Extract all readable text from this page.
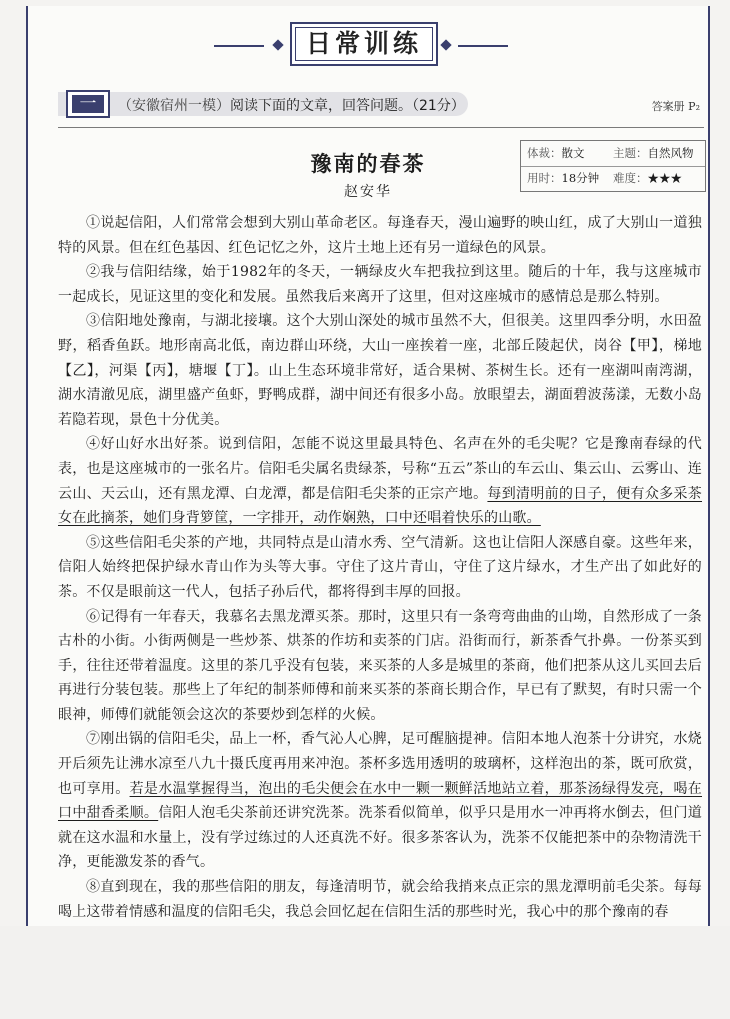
日常训练
一	（安徽宿州一模）阅读下面的文章，回答问题。（21分）	答案册 P₂
豫南的春茶
赵安华
体裁：散文 主题：自然风物
用时：18分钟 难度：★★★

①说起信阳，人们常常会想到大别山革命老区。每逢春天，漫山遍野的映山红，成了大别山一道独特的风景。但在红色基因、红色记忆之外，这片土地上还有另一道绿色的风景。

②我与信阳结缘，始于1982年的冬天，一辆绿皮火车把我拉到这里。随后的十年，我与这座城市一起成长，见证这里的变化和发展。虽然我后来离开了这里，但对这座城市的感情总是那么特别。

③信阳地处豫南，与湖北接壤。这个大别山深处的城市虽然不大，但很美。这里四季分明，水田盈野，稻香鱼跃。地形南高北低，南边群山环绕，大山一座挨着一座，北部丘陵起伏，岗谷【甲】，梯地【乙】，河渠【丙】，塘堰【丁】。山上生态环境非常好，适合果树、茶树生长。还有一座湖叫南湾湖，湖水清澈见底，湖里盛产鱼虾，野鸭成群，湖中间还有很多小岛。放眼望去，湖面碧波荡漾，无数小岛若隐若现，景色十分优美。

④好山好水出好茶。说到信阳，怎能不说这里最具特色、名声在外的毛尖呢？它是豫南春绿的代表，也是这座城市的一张名片。信阳毛尖属名贵绿茶，号称“五云”茶山的车云山、集云山、云雾山、连云山、天云山，还有黑龙潭、白龙潭，都是信阳毛尖茶的正宗产地。每到清明前的日子，便有众多采茶女在此摘茶，她们身背箩筐，一字排开，动作娴熟，口中还唱着快乐的山歌。

⑤这些信阳毛尖茶的产地，共同特点是山清水秀、空气清新。这也让信阳人深感自豪。这些年来，信阳人始终把保护绿水青山作为头等大事。守住了这片青山，守住了这片绿水，才生产出了如此好的茶。不仅是眼前这一代人，包括子孙后代，都将得到丰厚的回报。

⑥记得有一年春天，我慕名去黑龙潭买茶。那时，这里只有一条弯弯曲曲的山坳，自然形成了一条古朴的小街。小街两侧是一些炒茶、烘茶的作坊和卖茶的门店。沿街而行，新茶香气扑鼻。一份茶买到手，往往还带着温度。这里的茶几乎没有包装，来买茶的人多是城里的茶商，他们把茶从这儿买回去后再进行分装包装。那些上了年纪的制茶师傅和前来买茶的茶商长期合作，早已有了默契，有时只需一个眼神，师傅们就能领会这次的茶要炒到怎样的火候。

⑦刚出锅的信阳毛尖，品上一杯，香气沁人心脾，足可醒脑提神。信阳本地人泡茶十分讲究，水烧开后须先让沸水凉至八九十摄氏度再用来冲泡。茶杯多选用透明的玻璃杯，这样泡出的茶，既可欣赏，也可享用。若是水温掌握得当，泡出的毛尖便会在水中一颗一颗鲜活地站立着，那茶汤绿得发亮，喝在口中甜香柔顺。信阳人泡毛尖茶前还讲究洗茶。洗茶看似简单，似乎只是用水一冲再将水倒去，但门道就在这水温和水量上，没有学过练过的人还真洗不好。很多茶客认为，洗茶不仅能把茶中的杂物清洗干净，更能激发茶的香气。

⑧直到现在，我的那些信阳的朋友，每逢清明节，就会给我捎来点正宗的黑龙潭明前毛尖茶。每每喝上这带着情感和温度的信阳毛尖，我总会回忆起在信阳生活的那些时光，我心中的那个豫南的春
